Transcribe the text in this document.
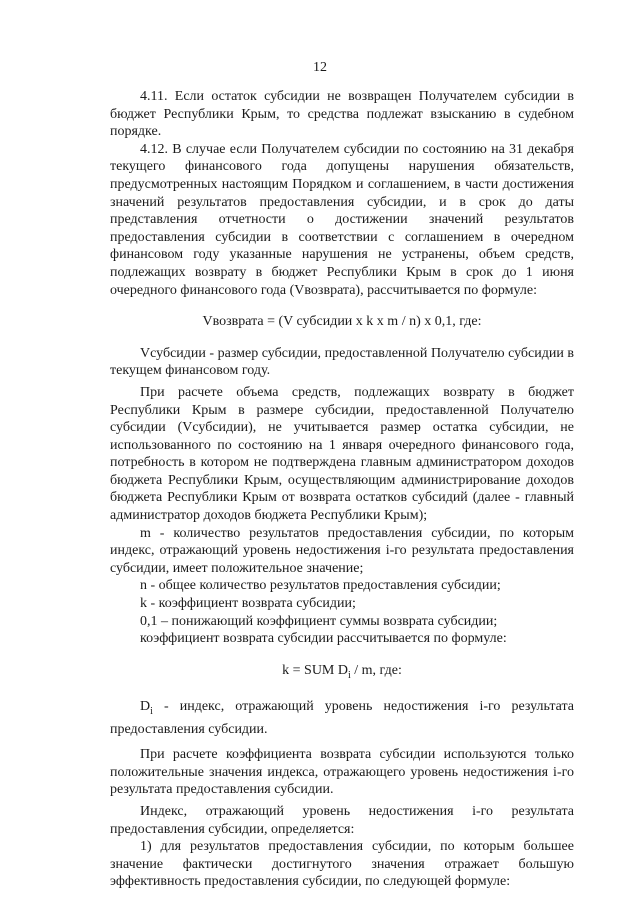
12

4.11. Если остаток субсидии не возвращен Получателем субсидии в бюджет Республики Крым, то средства подлежат взысканию в судебном порядке.

4.12. В случае если Получателем субсидии по состоянию на 31 декабря текущего финансового года допущены нарушения обязательств, предусмотренных настоящим Порядком и соглашением, в части достижения значений результатов предоставления субсидии, и в срок до даты представления отчетности о достижении значений результатов предоставления субсидии в соответствии с соглашением в очередном финансовом году указанные нарушения не устранены, объем средств, подлежащих возврату в бюджет Республики Крым в срок до 1 июня очередного финансового года (Vвозврата), рассчитывается по формуле:

Vвозврата = (V субсидии x k x m / n) x 0,1, где:

Vсубсидии - размер субсидии, предоставленной Получателю субсидии в текущем финансовом году.

При расчете объема средств, подлежащих возврату в бюджет Республики Крым в размере субсидии, предоставленной Получателю субсидии (Vсубсидии), не учитывается размер остатка субсидии, не использованного по состоянию на 1 января очередного финансового года, потребность в котором не подтверждена главным администратором доходов бюджета Республики Крым, осуществляющим администрирование доходов бюджета Республики Крым от возврата остатков субсидий (далее - главный администратор доходов бюджета Республики Крым);

m - количество результатов предоставления субсидии, по которым индекс, отражающий уровень недостижения i-го результата предоставления субсидии, имеет положительное значение;

n - общее количество результатов предоставления субсидии;

k - коэффициент возврата субсидии;

0,1 – понижающий коэффициент суммы возврата субсидии;

коэффициент возврата субсидии рассчитывается по формуле:

k = SUM $D_i$ / m, где:

$D_i$ - индекс, отражающий уровень недостижения i-го результата предоставления субсидии.

При расчете коэффициента возврата субсидии используются только положительные значения индекса, отражающего уровень недостижения i-го результата предоставления субсидии.

Индекс, отражающий уровень недостижения i-го результата предоставления субсидии, определяется:

1) для результатов предоставления субсидии, по которым большее значение фактически достигнутого значения отражает большую эффективность предоставления субсидии, по следующей формуле:
